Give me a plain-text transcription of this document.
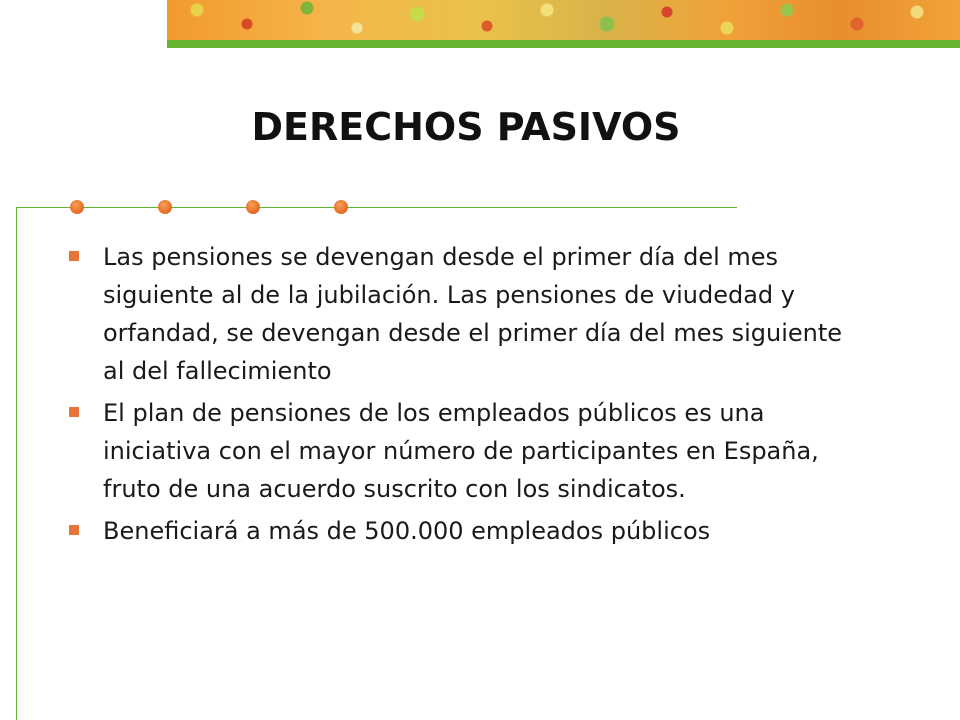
DERECHOS PASIVOS
Las pensiones se devengan desde el primer día del mes siguiente al de la jubilación. Las pensiones de viudedad y orfandad, se devengan desde el primer día del mes siguiente al del fallecimiento
El plan de pensiones de los empleados públicos es una iniciativa con el mayor número de participantes en España, fruto de una acuerdo suscrito con los sindicatos.
Beneficiará a más de 500.000 empleados públicos
